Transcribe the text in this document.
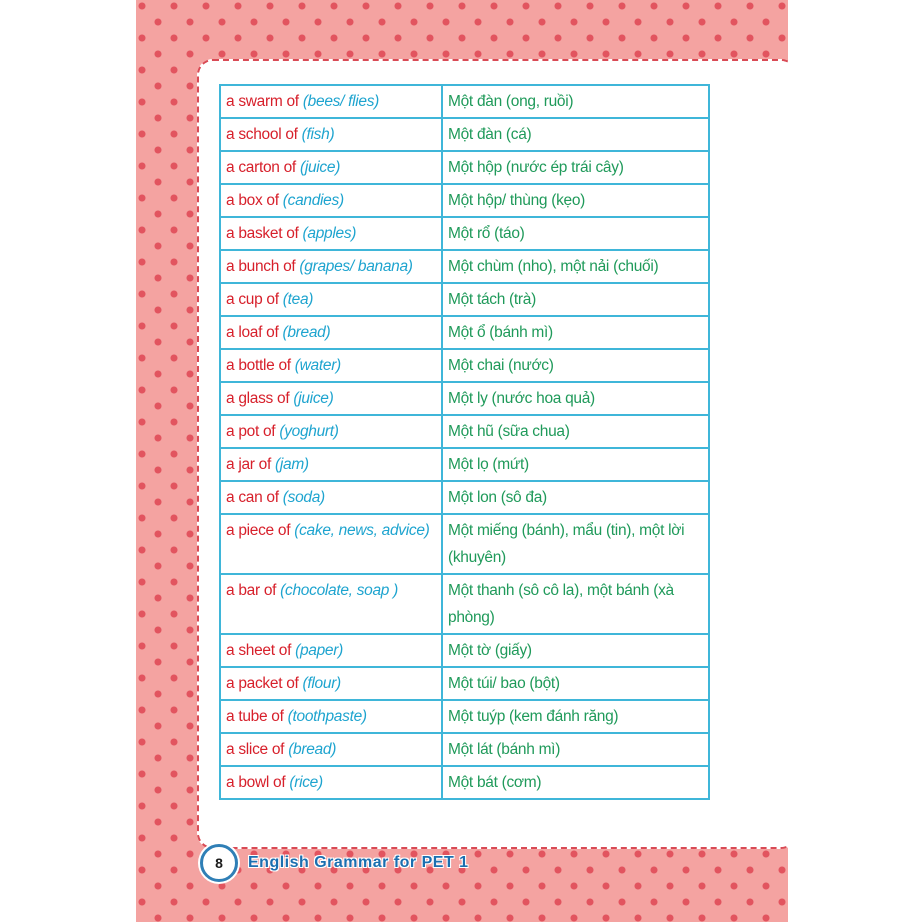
a swarm of (bees/ flies)	Một đàn (ong, ruồi)
a school of (fish)	Một đàn (cá)
a carton of (juice)	Một hộp (nước ép trái cây)
a box of (candies)	Một hộp/ thùng (kẹo)
a basket of (apples)	Một rổ (táo)
a bunch of (grapes/ banana)	Một chùm (nho), một nải (chuối)
a cup of (tea)	Một tách (trà)
a loaf of (bread)	Một ổ (bánh mì)
a bottle of (water)	Một chai (nước)
a glass of (juice)	Một ly (nước hoa quả)
a pot of (yoghurt)	Một hũ (sữa chua)
a jar of (jam)	Một lọ (mứt)
a can of (soda)	Một lon (sô đa)
a piece of (cake, news, advice)	Một miếng (bánh), mẩu (tin), một lời (khuyên)
a bar of (chocolate, soap )	Một thanh (sô cô la), một bánh (xà phòng)
a sheet of (paper)	Một tờ (giấy)
a packet of (flour)	Một túi/ bao (bột)
a tube of (toothpaste)	Một tuýp (kem đánh răng)
a slice of (bread)	Một lát (bánh mì)
a bowl of (rice)	Một bát (cơm)
8	English Grammar for PET 1
